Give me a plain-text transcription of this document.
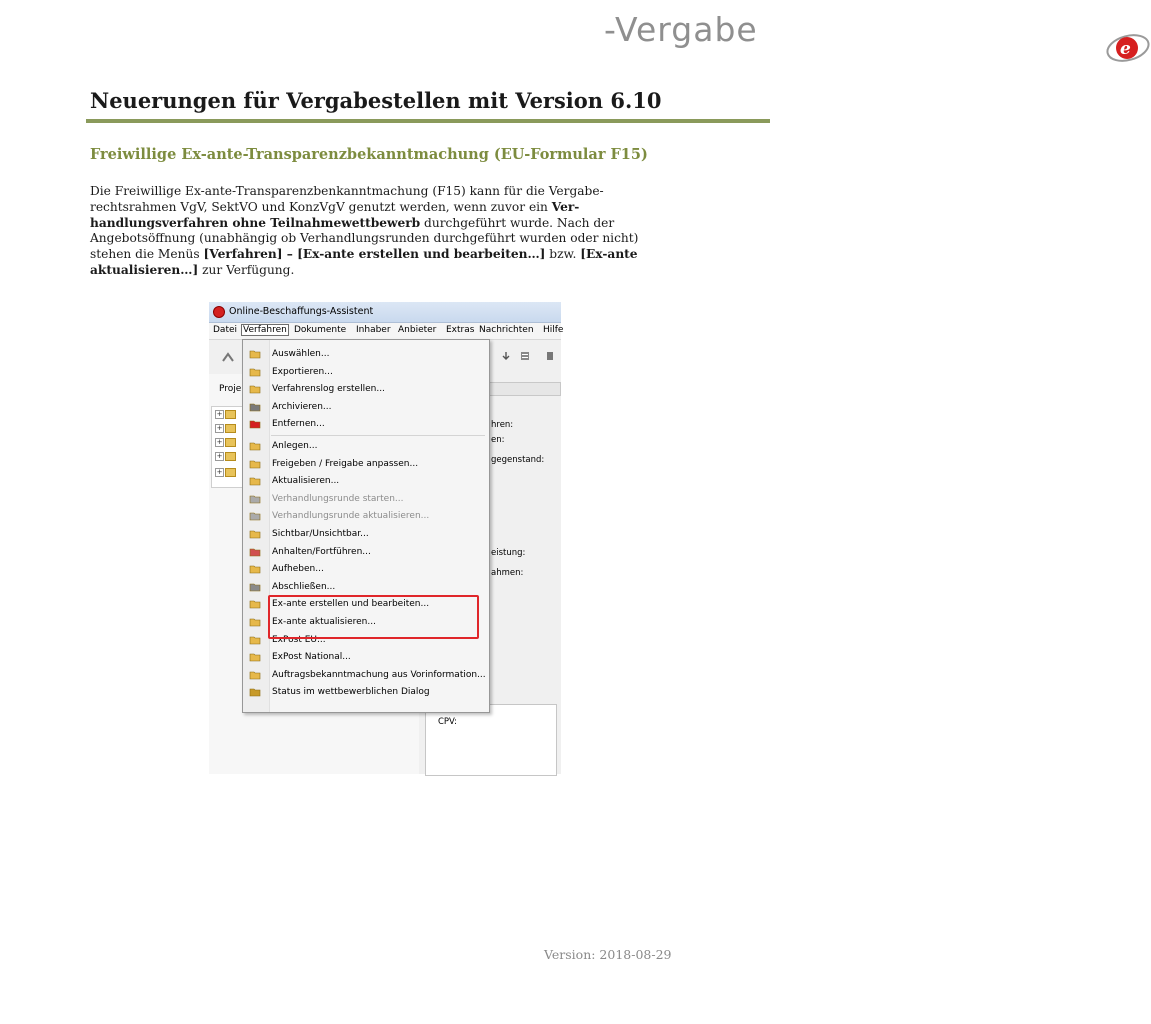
e
-Vergabe
Neuerungen für Vergabestellen mit Version 6.10
Freiwillige Ex-ante-Transparenzbekanntmachung (EU-Formular F15)

Die Freiwillige Ex-ante-Transparenzbenkanntmachung (F15) kann für die Vergabe-rechtsrahmen VgV, SektVO und KonzVgV genutzt werden, wenn zuvor ein Ver-handlungsverfahren ohne Teilnahmewettbewerb durchgeführt wurde. Nach der Angebotsöffnung (unabhängig ob Verhandlungsrunden durchgeführt wurden oder nicht) stehen die Menüs [Verfahren] – [Ex-ante erstellen und bearbeiten…] bzw. [Ex-ante aktualisieren…] zur Verfügung.

Online-Beschaffungs-Assistent
Datei Verfahren Dokumente Inhaber Anbieter Extras Nachrichten Hilfe
Proje
+
+
+
+
+
hren:
en:
gegenstand:
eistung:
ahmen:
CPV:
Auswählen...
Exportieren...
Verfahrenslog erstellen...
Archivieren...
Entfernen...
Anlegen...
Freigeben / Freigabe anpassen...
Aktualisieren...
Verhandlungsrunde starten...
Verhandlungsrunde aktualisieren...
Sichtbar/Unsichtbar...
Anhalten/Fortführen...
Aufheben...
Abschließen...
Ex-ante erstellen und bearbeiten...
Ex-ante aktualisieren...
ExPost EU...
ExPost National...
Auftragsbekanntmachung aus Vorinformation...
Status im wettbewerblichen Dialog
Version: 2018-08-29
